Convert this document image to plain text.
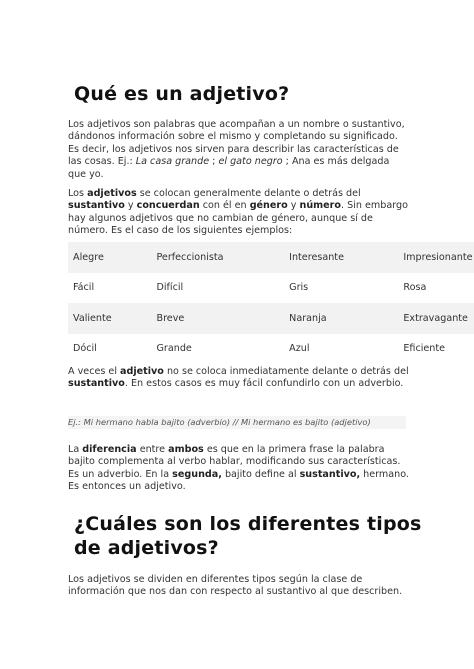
Qué es un adjetivo?

Los adjetivos son palabras que acompañan a un nombre o sustantivo, dándonos información sobre el mismo y completando su significado. Es decir, los adjetivos nos sirven para describir las características de las cosas. Ej.: La casa grande ; el gato negro ; Ana es más delgada que yo.

Los adjetivos se colocan generalmente delante o detrás del sustantivo y concuerdan con él en género y número. Sin embargo hay algunos adjetivos que no cambian de género, aunque sí de número. Es el caso de los siguientes ejemplos:

Alegre	Perfeccionista	Interesante	Impresionante
Fácil	Difícil	Gris	Rosa
Valiente	Breve	Naranja	Extravagante
Dócil	Grande	Azul	Eficiente

A veces el adjetivo no se coloca inmediatamente delante o detrás del sustantivo. En estos casos es muy fácil confundirlo con un adverbio.

Ej.: Mi hermano habla bajito (adverbio) // Mi hermano es bajito (adjetivo)

La diferencia entre ambos es que en la primera frase la palabra bajito complementa al verbo hablar, modificando sus características. Es un adverbio. En la segunda, bajito define al sustantivo, hermano. Es entonces un adjetivo.

¿Cuáles son los diferentes tipos de adjetivos?

Los adjetivos se dividen en diferentes tipos según la clase de información que nos dan con respecto al sustantivo al que describen.
